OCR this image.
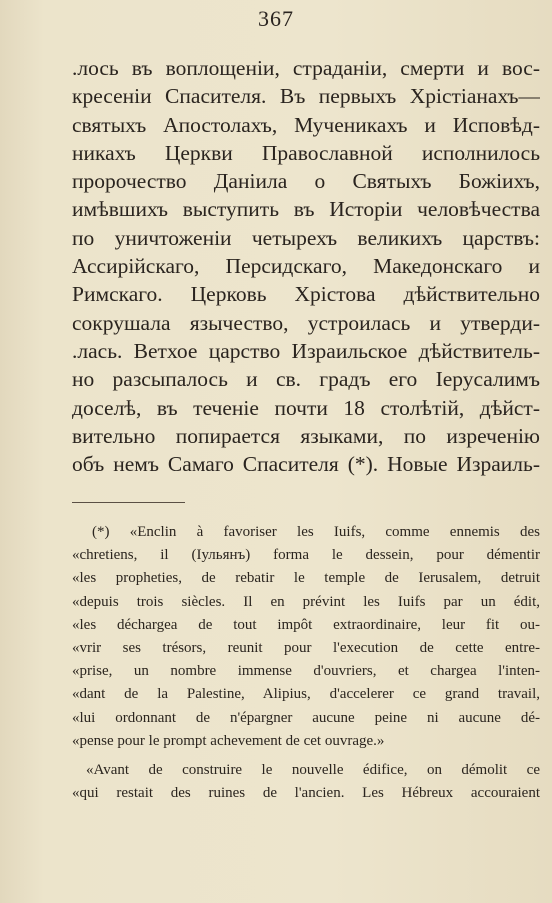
367
.лось въ воплощеніи, страданіи, смерти и вос-
кресеніи Спасителя. Въ первыхъ Хрістіанахъ—
святыхъ Апостолахъ, Мученикахъ и Исповѣд-
никахъ Церкви Православной исполнилось
пророчество Даніила о Святыхъ Божіихъ,
имѣвшихъ выступить въ Исторіи человѣчества
по уничтоженіи четырехъ великихъ царствъ:
Ассирійскаго, Персидскаго, Македонскаго и
Римскаго. Церковь Хрістова дѣйствительно
сокрушала язычество, устроилась и утверди-
.лась. Ветхое царство Израильское дѣйствитель-
но разсыпалось и св. градъ его Іерусалимъ
доселѣ, въ теченіе почти 18 столѣтій, дѣйст-
вительно попирается языками, по изреченію
объ немъ Самаго Спасителя (*). Новые Израиль-
(*) «Enclin à favoriser les Iuifs, comme ennemis des
«chretiens, il (Iульянъ) forma le dessein, pour démentir
«les propheties, de rebatir le temple de Ierusalem, detruit
«depuis trois siècles. Il en prévint les Iuifs par un édit,
«les déchargea de tout impôt extraordinaire, leur fit ou-
«vrir ses trésors, reunit pour l'execution de cette entre-
«prise, un nombre immense d'ouvriers, et chargea l'inten-
«dant de la Palestine, Alipius, d'accelerer ce grand travail,
«lui ordonnant de n'épargner aucune peine ni aucune dé-
«pense pour le prompt achevement de cet ouvrage.»
«Avant de construire le nouvelle édifice, on démolit ce
«qui restait des ruines de l'ancien. Les Hébreux accouraient
